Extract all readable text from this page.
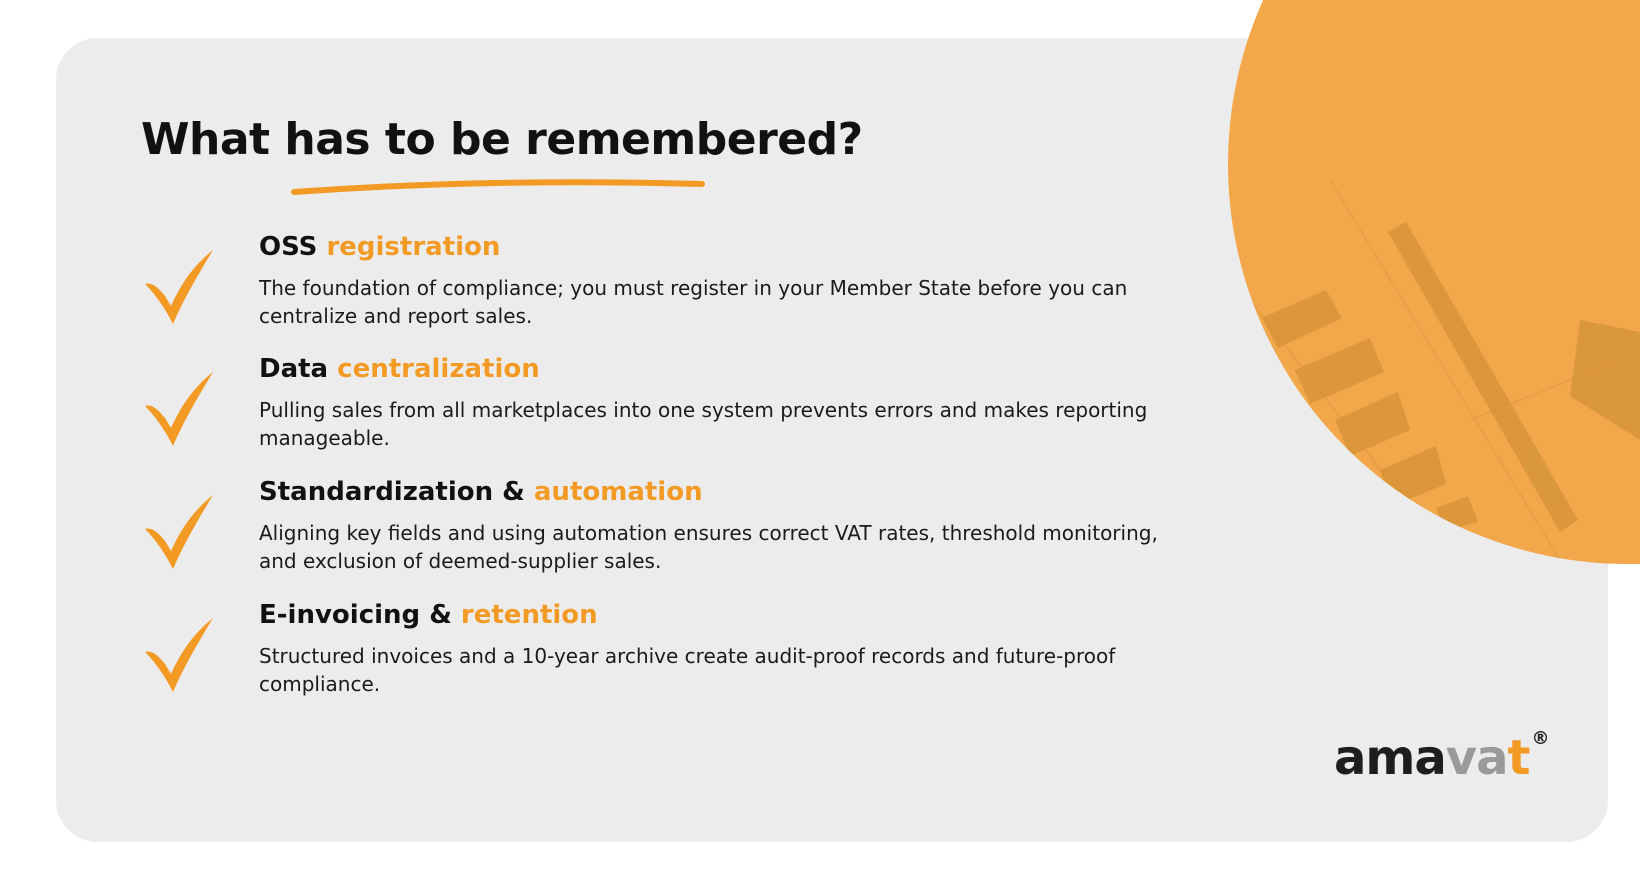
What has to be remembered?
OSS registration

The foundation of compliance; you must register in your Member State before you can centralize and report sales.

Data centralization

Pulling sales from all marketplaces into one system prevents errors and makes reporting manageable.

Standardization & automation

Aligning key fields and using automation ensures correct VAT rates, threshold monitoring, and exclusion of deemed-supplier sales.

E-invoicing & retention

Structured invoices and a 10-year archive create audit-proof records and future-proof compliance.

amavat ®
